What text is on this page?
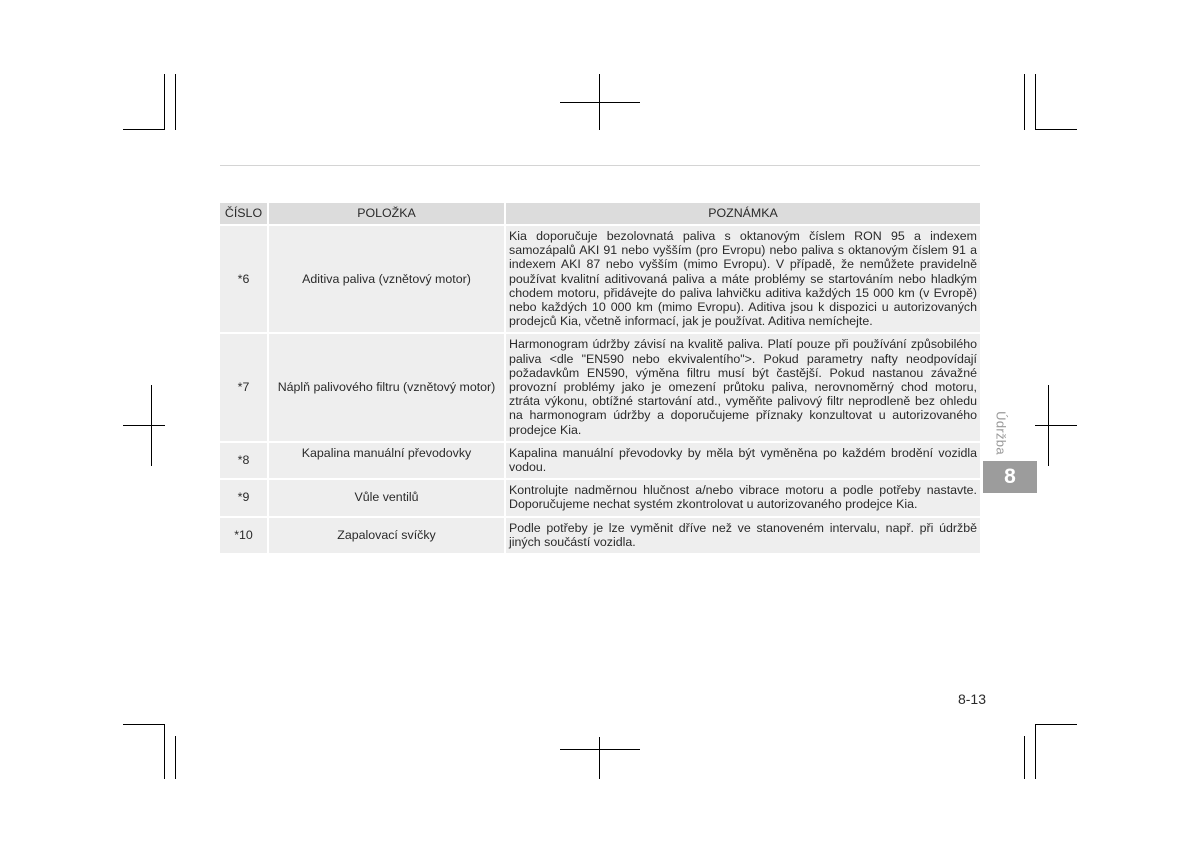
ČÍSLO	POLOŽKA	POZNÁMKA
*6	Aditiva paliva (vznětový motor)	Kia doporučuje bezolovnatá paliva s oktanovým číslem RON 95 a indexem samozápalů AKI 91 nebo vyšším (pro Evropu) nebo paliva s oktanovým číslem 91 a indexem AKI 87 nebo vyšším (mimo Evropu). V případě, že nemůžete pravidelně používat kvalitní aditivovaná paliva a máte problémy se startováním nebo hladkým chodem motoru, přidávejte do paliva lahvičku aditiva každých 15 000 km (v Evropě) nebo každých 10 000 km (mimo Evropu). Aditiva jsou k dispozici u autorizovaných prodejců Kia, včetně informací, jak je používat. Aditiva nemíchejte.
*7	Náplň palivového filtru (vznětový motor)	Harmonogram údržby závisí na kvalitě paliva. Platí pouze při používání způsobilého paliva <dle "EN590 nebo ekvivalentího">. Pokud parametry nafty neodpovídají požadavkům EN590, výměna filtru musí být častější. Pokud nastanou závažné provozní problémy jako je omezení průtoku paliva, nerovnoměrný chod motoru, ztráta výkonu, obtížné startování atd., vyměňte palivový filtr neprodleně bez ohledu na harmonogram údržby a doporučujeme příznaky konzultovat u autorizovaného prodejce Kia.
*8	Kapalina manuální převodovky	Kapalina manuální převodovky by měla být vyměněna po každém brodění vozidla vodou.
*9	Vůle ventilů	Kontrolujte nadměrnou hlučnost a/nebo vibrace motoru a podle potřeby nastavte. Doporučujeme nechat systém zkontrolovat u autorizovaného prodejce Kia.
*10	Zapalovací svíčky	Podle potřeby je lze vyměnit dříve než ve stanoveném intervalu, např. při údržbě jiných součástí vozidla.
Údržba
8
8-13
